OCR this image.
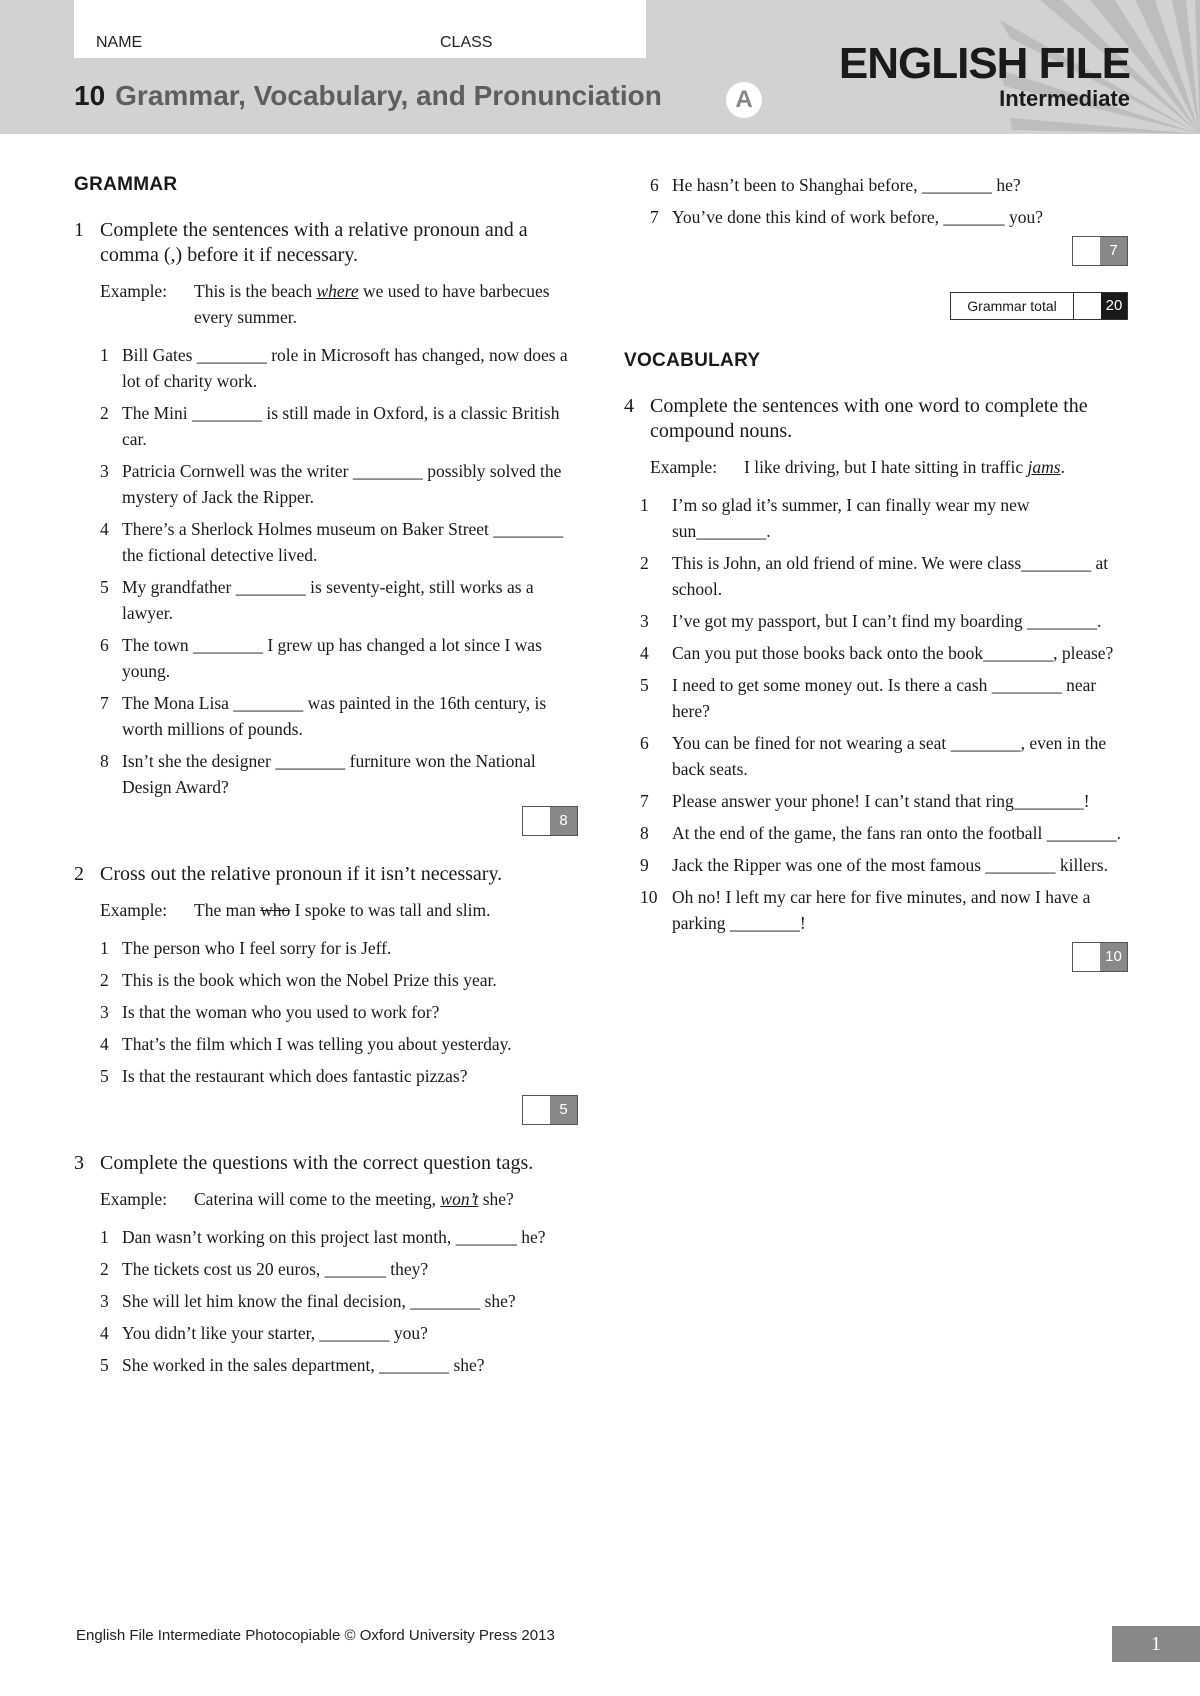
NAME	CLASS
10 Grammar, Vocabulary, and Pronunciation	A
ENGLISH FILE
Intermediate
GRAMMAR
1 Complete the sentences with a relative pronoun and a comma (,) before it if necessary.
Example:	This is the beach where we used to have barbecues every summer.
1 Bill Gates ________ role in Microsoft has changed, now does a lot of charity work.
2 The Mini ________ is still made in Oxford, is a classic British car.
3 Patricia Cornwell was the writer ________ possibly solved the mystery of Jack the Ripper.
4 There’s a Sherlock Holmes museum on Baker Street ________ the fictional detective lived.
5 My grandfather ________ is seventy-eight, still works as a lawyer.
6 The town ________ I grew up has changed a lot since I was young.
7 The Mona Lisa ________ was painted in the 16th century, is worth millions of pounds.
8 Isn’t she the designer ________ furniture won the National Design Award?
8
2 Cross out the relative pronoun if it isn’t necessary.
Example:	The man who I spoke to was tall and slim.
1 The person who I feel sorry for is Jeff.
2 This is the book which won the Nobel Prize this year.
3 Is that the woman who you used to work for?
4 That’s the film which I was telling you about yesterday.
5 Is that the restaurant which does fantastic pizzas?
5
3 Complete the questions with the correct question tags.
Example:	Caterina will come to the meeting, won’t she?
1 Dan wasn’t working on this project last month, _______ he?
2 The tickets cost us 20 euros, _______ they?
3 She will let him know the final decision, ________ she?
4 You didn’t like your starter, ________ you?
5 She worked in the sales department, ________ she?
6 He hasn’t been to Shanghai before, ________ he?
7 You’ve done this kind of work before, _______ you?
7
Grammar total	20
VOCABULARY
4 Complete the sentences with one word to complete the compound nouns.
Example:	I like driving, but I hate sitting in traffic jams.
1 I’m so glad it’s summer, I can finally wear my new sun________.
2 This is John, an old friend of mine. We were class________ at school.
3 I’ve got my passport, but I can’t find my boarding ________.
4 Can you put those books back onto the book________, please?
5 I need to get some money out. Is there a cash ________ near here?
6 You can be fined for not wearing a seat ________, even in the back seats.
7 Please answer your phone! I can’t stand that ring________!
8 At the end of the game, the fans ran onto the football ________.
9 Jack the Ripper was one of the most famous ________ killers.
10 Oh no! I left my car here for five minutes, and now I have a parking ________!
10
English File Intermediate Photocopiable © Oxford University Press 2013	1
